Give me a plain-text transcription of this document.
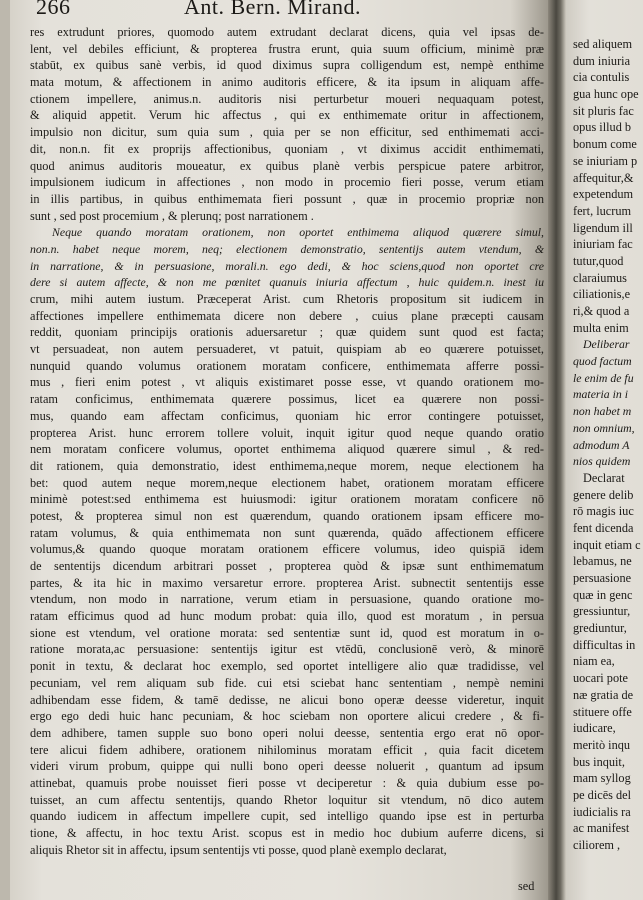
266	Ant. Bern. Mirand.
res extrudunt priores, quomodo autem extrudant declarat dicens, quia vel ipsas de-
lent, vel debiles efficiunt, & propterea frustra erunt, quia suum officium, minimè præ
stabūt, ex quibus sanè verbis, id quod diximus supra colligendum est, nempè enthime
mata motum, & affectionem in animo auditoris efficere, & ita ipsum in aliquam affe-
ctionem impellere, animus.n. auditoris nisi perturbetur moueri nequaquam potest,
& aliquid appetit. Verum hic affectus , qui ex enthimemate oritur in affectionem,
impulsio non dicitur, sum quia sum , quia per se non efficitur, sed enthimemati acci-
dit, non.n. fit ex proprijs affectionibus, quoniam , vt diximus accidit enthimemati,
quod animus auditoris moueatur, ex quibus planè verbis perspicue patere arbitror,
impulsionem iudicum in affectiones , non modo in procemio fieri posse, verum etiam
in illis partibus, in quibus enthimemata fieri possunt , quæ in procemio propriæ non
sunt , sed post procemium , & plerunq; post narrationem .
Neque quando moratam orationem, non oportet enthimema aliquod quærere simul,
non.n. habet neque morem, neq; electionem demonstratio, sententijs autem vtendum, &
in narratione, & in persuasione, morali.n. ego dedi, & hoc sciens,quod non oportet cre
dere si autem affecte, & non me pœnitet quanuis iniuria affectum , huic quidem.n. inest iu
crum, mihi autem iustum. Præceperat Arist. cum Rhetoris propositum sit iudicem in
affectiones impellere enthimemata dicere non debere , cuius plane præcepti causam
reddit, quoniam principijs orationis aduersaretur ; quæ quidem sunt quod est facta;
vt persuadeat, non autem persuaderet, vt patuit, quispiam ab eo quærere potuisset,
nunquid quando volumus orationem moratam conficere, enthimemata afferre possi-
mus , fieri enim potest , vt aliquis existimaret posse esse, vt quando orationem mo-
ratam conficimus, enthimemata quærere possimus, licet ea quærere non possi-
mus, quando eam affectam conficimus, quoniam hic error contingere potuisset,
propterea Arist. hunc errorem tollere voluit, inquit igitur quod neque quando oratio
nem moratam conficere volumus, oportet enthimema aliquod quærere simul , & red-
dit rationem, quia demonstratio, idest enthimema,neque morem, neque electionem ha
bet: quod autem neque morem,neque electionem habet, orationem moratam efficere
minimè potest:sed enthimema est huiusmodi: igitur orationem moratam conficere nō
potest, & propterea simul non est quærendum, quando orationem ipsam efficere mo-
ratam volumus, & quia enthimemata non sunt quærenda, quādo affectionem efficere
volumus,& quando quoque moratam orationem efficere volumus, ideo quispiā idem
de sententijs dicendum arbitrari posset , propterea quòd & ipsæ sunt enthimematum
partes, & ita hic in maximo versaretur errore. propterea Arist. subnectit sententijs esse
vtendum, non modo in narratione, verum etiam in persuasione, quando oratione mo-
ratam efficimus quod ad hunc modum probat: quia illo, quod est moratum , in persua
sione est vtendum, vel oratione morata: sed sententiæ sunt id, quod est moratum in o-
ratione morata,ac persuasione: sententijs igitur est vtēdū, conclusionē verò, & minorē
ponit in textu, & declarat hoc exemplo, sed oportet intelligere alio quæ tradidisse, vel
pecuniam, vel rem aliquam sub fide. cui etsi sciebat hanc sententiam , nempè nemini
adhibendam esse fidem, & tamē dedisse, ne alicui bono operæ deesse videretur, inquit
ergo ego dedi huic hanc pecuniam, & hoc sciebam non oportere alicui credere , & fi-
dem adhibere, tamen supple suo bono operi nolui deesse, sententia ergo erat nō opor-
tere alicui fidem adhibere, orationem nihilominus moratam efficit , quia facit dicetem
videri virum probum, quippe qui nulli bono operi deesse noluerit , quantum ad ipsum
attinebat, quamuis probe nouisset fieri posse vt deciperetur : & quia dubium esse po-
tuisset, an cum affectu sententijs, quando Rhetor loquitur sit vtendum, nō dico autem
quando iudicem in affectum impellere cupit, sed intelligo quando ipse est in perturba
tione, & affectu, in hoc textu Arist. scopus est in medio hoc dubium auferre dicens, si
aliquis Rhetor sit in affectu, ipsum sententijs vti posse, quod planè exemplo declarat,
sed
sed aliquem
dum iniuria
cia contulis
gua hunc ope
sit pluris fac
opus illud b
bonum come
se iniuriam p
affequitur,&
expetendum
fert, lucrum
ligendum ill
iniuriam fac
tutur,quod
claraiumus
ciliationis,e
ri,& quod a
multa enim
Deliberar
quod factum
le enim de fu
materia in i
non habet m
non omnium,
admodum A
nios quidem
Declarat
genere delib
rō magis iuc
fent dicenda
inquit etiam c
lebamus, ne
persuasione
quæ in genc
gressiuntur,
grediuntur,
difficultas in
niam ea,
uocari pote
næ gratia de
stituere offe
iudicare,
meritò inqu
bus inquit,
mam syllog
pe dicēs del
iudicialis ra
ac manifest
ciliorem ,
